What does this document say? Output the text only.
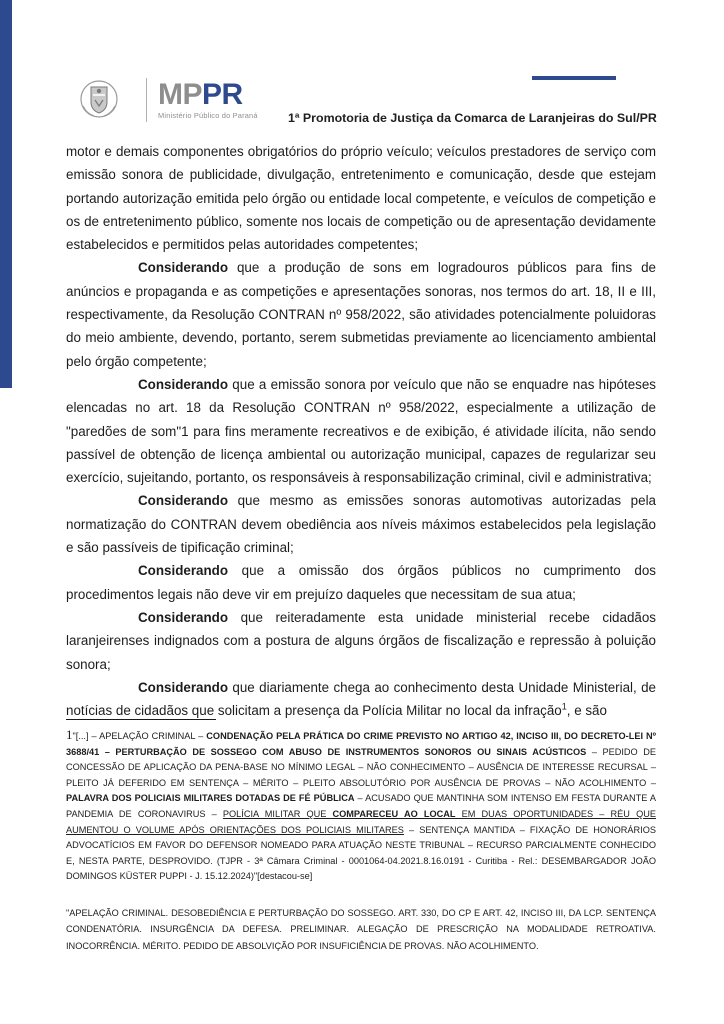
MPPR
Ministério Público do Paraná 1ª Promotoria de Justiça da Comarca de Laranjeiras do Sul/PR

motor e demais componentes obrigatórios do próprio veículo; veículos prestadores de serviço com emissão sonora de publicidade, divulgação, entretenimento e comunicação, desde que estejam portando autorização emitida pelo órgão ou entidade local competente, e veículos de competição e os de entretenimento público, somente nos locais de competição ou de apresentação devidamente estabelecidos e permitidos pelas autoridades competentes;

Considerando que a produção de sons em logradouros públicos para fins de anúncios e propaganda e as competições e apresentações sonoras, nos termos do art. 18, II e III, respectivamente, da Resolução CONTRAN nº 958/2022, são atividades potencialmente poluidoras do meio ambiente, devendo, portanto, serem submetidas previamente ao licenciamento ambiental pelo órgão competente;

Considerando que a emissão sonora por veículo que não se enquadre nas hipóteses elencadas no art. 18 da Resolução CONTRAN nº 958/2022, especialmente a utilização de "paredões de som"1 para fins meramente recreativos e de exibição, é atividade ilícita, não sendo passível de obtenção de licença ambiental ou autorização municipal, capazes de regularizar seu exercício, sujeitando, portanto, os responsáveis à responsabilização criminal, civil e administrativa;

Considerando que mesmo as emissões sonoras automotivas autorizadas pela normatização do CONTRAN devem obediência aos níveis máximos estabelecidos pela legislação e são passíveis de tipificação criminal;

Considerando que a omissão dos órgãos públicos no cumprimento dos procedimentos legais não deve vir em prejuízo daqueles que necessitam de sua atua;

Considerando que reiteradamente esta unidade ministerial recebe cidadãos laranjeirenses indignados com a postura de alguns órgãos de fiscalização e repressão à poluição sonora;

Considerando que diariamente chega ao conhecimento desta Unidade Ministerial, de notícias de cidadãos que solicitam a presença da Polícia Militar no local da infração$^1$, e são

1"[...] – APELAÇÃO CRIMINAL – CONDENAÇÃO PELA PRÁTICA DO CRIME PREVISTO NO ARTIGO 42, INCISO III, DO DECRETO-LEI Nº 3688/41 – PERTURBAÇÃO DE SOSSEGO COM ABUSO DE INSTRUMENTOS SONOROS OU SINAIS ACÚSTICOS – PEDIDO DE CONCESSÃO DE APLICAÇÃO DA PENA-BASE NO MÍNIMO LEGAL – NÃO CONHECIMENTO – AUSÊNCIA DE INTERESSE RECURSAL – PLEITO JÁ DEFERIDO EM SENTENÇA – MÉRITO – PLEITO ABSOLUTÓRIO POR AUSÊNCIA DE PROVAS – NÃO ACOLHIMENTO – PALAVRA DOS POLICIAIS MILITARES DOTADAS DE FÉ PÚBLICA – ACUSADO QUE MANTINHA SOM INTENSO EM FESTA DURANTE A PANDEMIA DE CORONAVIRUS – POLÍCIA MILITAR QUE COMPARECEU AO LOCAL EM DUAS OPORTUNIDADES – RÉU QUE AUMENTOU O VOLUME APÓS ORIENTAÇÕES DOS POLICIAIS MILITARES – SENTENÇA MANTIDA – FIXAÇÃO DE HONORÁRIOS ADVOCATÍCIOS EM FAVOR DO DEFENSOR NOMEADO PARA ATUAÇÃO NESTE TRIBUNAL – RECURSO PARCIALMENTE CONHECIDO E, NESTA PARTE, DESPROVIDO. (TJPR - 3ª Câmara Criminal - 0001064-04.2021.8.16.0191 - Curitiba - Rel.: DESEMBARGADOR JOÃO DOMINGOS KÜSTER PUPPI - J. 15.12.2024)"[destacou-se]
"APELAÇÃO CRIMINAL. DESOBEDIÊNCIA E PERTURBAÇÃO DO SOSSEGO. ART. 330, DO CP E ART. 42, INCISO III, DA LCP. SENTENÇA CONDENATÓRIA. INSURGÊNCIA DA DEFESA. PRELIMINAR. ALEGAÇÃO DE PRESCRIÇÃO NA MODALIDADE RETROATIVA. INOCORRÊNCIA. MÉRITO. PEDIDO DE ABSOLVIÇÃO POR INSUFICIÊNCIA DE PROVAS. NÃO ACOLHIMENTO.
